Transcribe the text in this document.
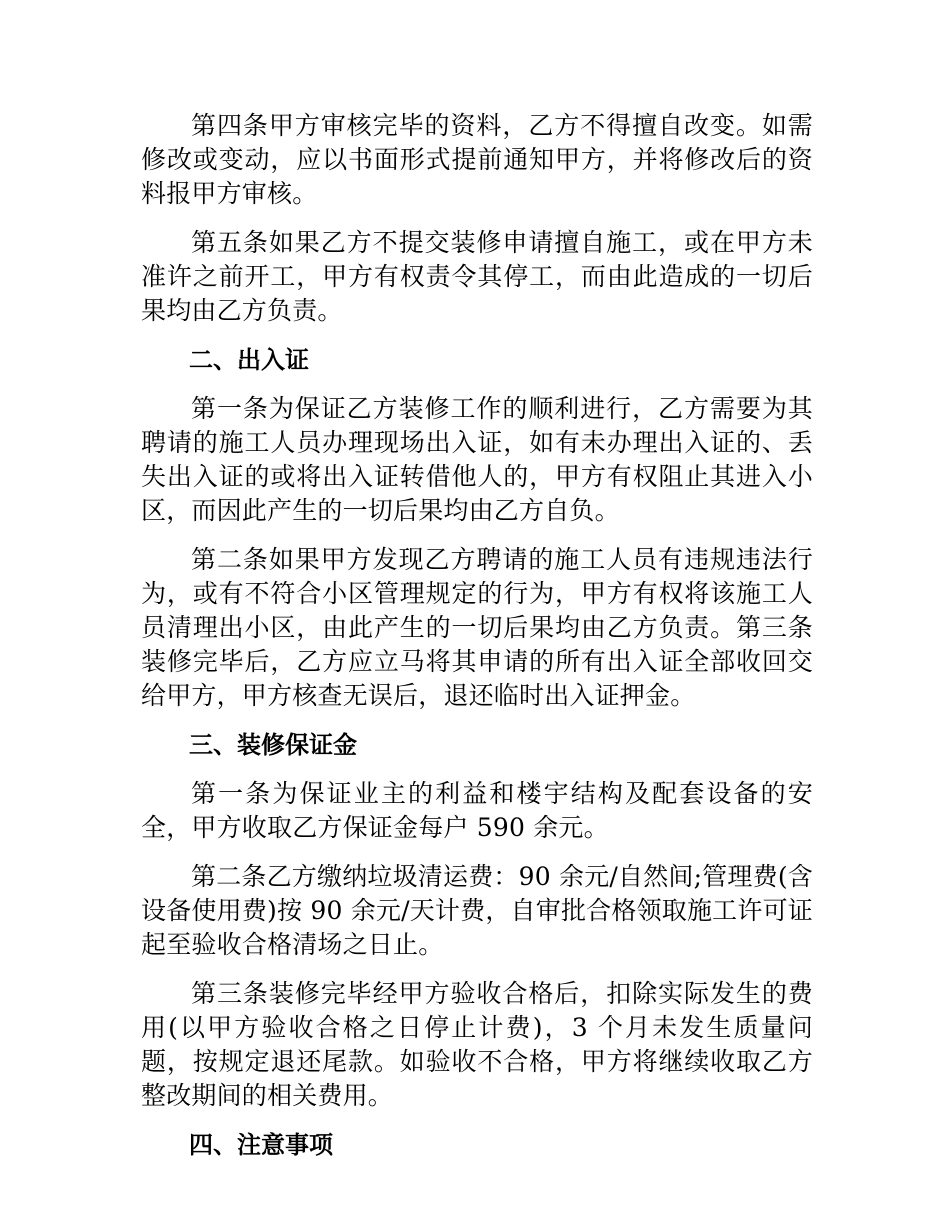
第四条甲方审核完毕的资料，乙方不得擅自改变。如需修改或变动，应以书面形式提前通知甲方，并将修改后的资料报甲方审核。

第五条如果乙方不提交装修申请擅自施工，或在甲方未准许之前开工，甲方有权责令其停工，而由此造成的一切后果均由乙方负责。

二、出入证

第一条为保证乙方装修工作的顺利进行，乙方需要为其聘请的施工人员办理现场出入证，如有未办理出入证的、丢失出入证的或将出入证转借他人的，甲方有权阻止其进入小区，而因此产生的一切后果均由乙方自负。

第二条如果甲方发现乙方聘请的施工人员有违规违法行为，或有不符合小区管理规定的行为，甲方有权将该施工人员清理出小区，由此产生的一切后果均由乙方负责。第三条装修完毕后，乙方应立马将其申请的所有出入证全部收回交给甲方，甲方核查无误后，退还临时出入证押金。

三、装修保证金

第一条为保证业主的利益和楼宇结构及配套设备的安全，甲方收取乙方保证金每户 590 余元。

第二条乙方缴纳垃圾清运费：90 余元/自然间;管理费(含设备使用费)按 90 余元/天计费，自审批合格领取施工许可证起至验收合格清场之日止。

第三条装修完毕经甲方验收合格后，扣除实际发生的费用(以甲方验收合格之日停止计费)，3 个月未发生质量问题，按规定退还尾款。如验收不合格，甲方将继续收取乙方整改期间的相关费用。

四、注意事项
